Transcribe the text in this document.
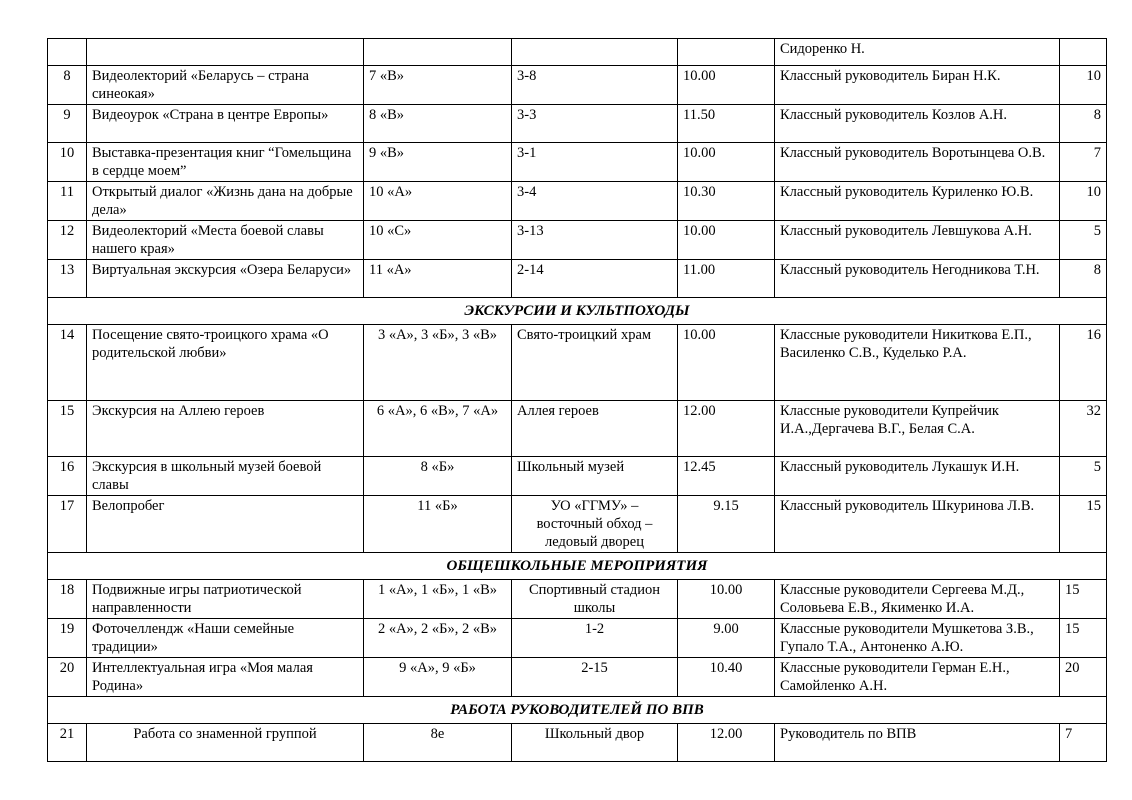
					Сидоренко Н.	
8	Видеолекторий «Беларусь – страна синеокая»	7 «В»	3-8	10.00	Классный руководитель Биран Н.К.	10
9	Видеоурок «Страна в центре Европы»	8 «В»	3-3	11.50	Классный руководитель Козлов А.Н.	8
10	Выставка-презентация книг “Гомельщина в сердце моем”	9 «В»	3-1	10.00	Классный руководитель Воротынцева О.В.	7
11	Открытый диалог «Жизнь дана на добрые дела»	10 «А»	3-4	10.30	Классный руководитель Куриленко Ю.В.	10
12	Видеолекторий «Места боевой славы нашего края»	10 «С»	3-13	10.00	Классный руководитель Левшукова А.Н.	5
13	Виртуальная экскурсия «Озера Беларуси»	11 «А»	2-14	11.00	Классный руководитель Негодникова Т.Н.	8
ЭКСКУРСИИ И КУЛЬТПОХОДЫ						
14	Посещение свято-троицкого храма «О родительской любви»	3 «А», 3 «Б», 3 «В»	Свято-троицкий храм	10.00	Классные руководители Никиткова Е.П., Василенко С.В., Куделько Р.А.	16
15	Экскурсия на Аллею героев	6 «А», 6 «В», 7 «А»	Аллея героев	12.00	Классные руководители Купрейчик И.А.,Дергачева В.Г., Белая С.А.	32
16	Экскурсия в школьный музей боевой славы	8 «Б»	Школьный музей	12.45	Классный руководитель Лукашук И.Н.	5
17	Велопробег	11 «Б»	УО «ГГМУ» – восточный обход – ледовый дворец	9.15	Классный руководитель Шкуринова Л.В.	15
ОБЩЕШКОЛЬНЫЕ МЕРОПРИЯТИЯ						
18	Подвижные игры патриотической направленности	1 «А», 1 «Б», 1 «В»	Спортивный стадион школы	10.00	Классные руководители Сергеева М.Д., Соловьева Е.В., Якименко И.А.	15
19	Фоточеллендж «Наши семейные традиции»	2 «А», 2 «Б», 2 «В»	1-2	9.00	Классные руководители Мушкетова З.В., Гупало Т.А., Антоненко А.Ю.	15
20	Интеллектуальная игра «Моя малая Родина»	9 «А», 9 «Б»	2-15	10.40	Классные руководители Герман Е.Н., Самойленко А.Н.	20
РАБОТА РУКОВОДИТЕЛЕЙ ПО ВПВ						
21	Работа со знаменной группой	8е	Школьный двор	12.00	Руководитель по ВПВ	7
